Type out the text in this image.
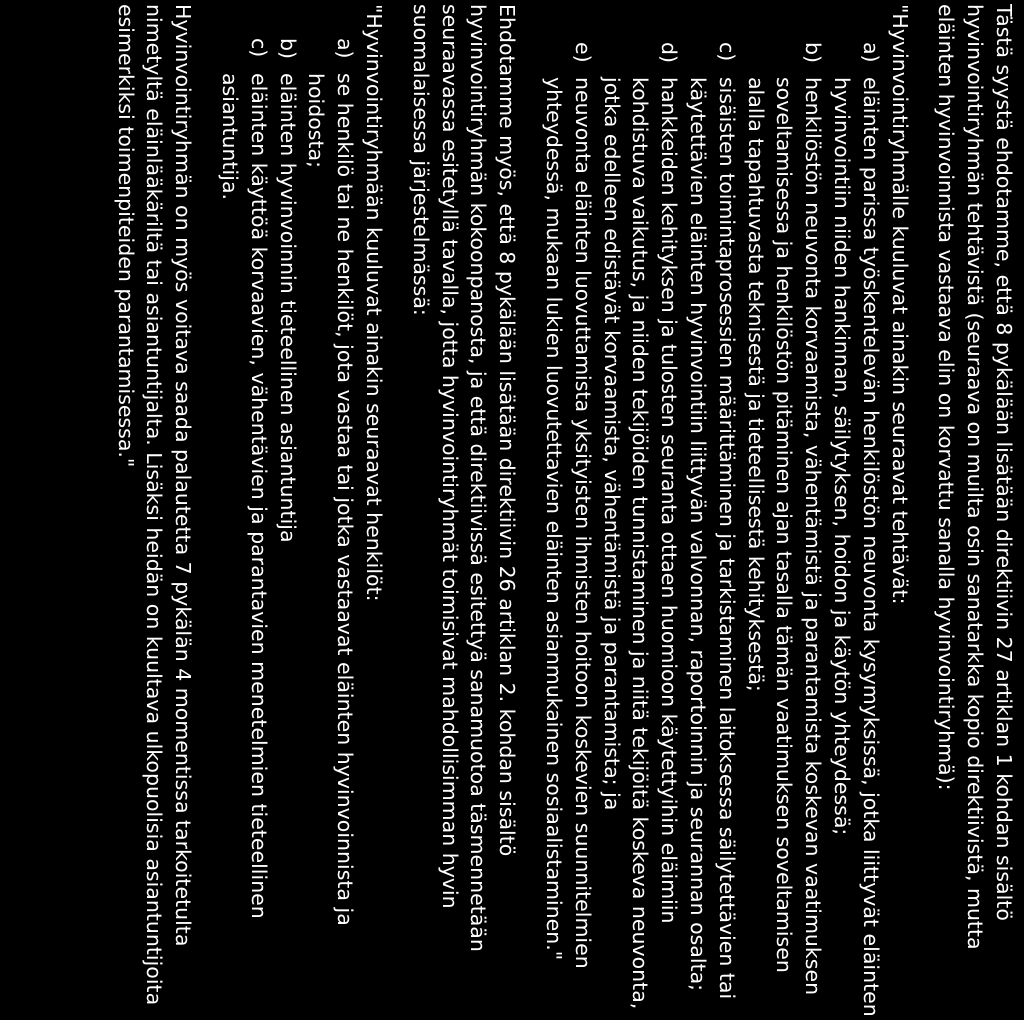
Tästä syystä ehdotamme, että 8 pykälään lisätään direktiivin 27 artiklan 1 kohdan sisältö

hyvinvointiryhmän tehtävistä (seuraava on muilta osin sanatarkka kopio direktiivistä, mutta

eläinten hyvinvoinnista vastaava elin on korvattu sanalla hyvinvointiryhmä):

"Hyvinvointiryhmälle kuuluvat ainakin seuraavat tehtävät:

a)
eläinten parissa työskentelevän henkilöstön neuvonta kysymyksissä, jotka liittyvät eläinten
hyvinvointiin niiden hankinnan, säilytyksen, hoidon ja käytön yhteydessä;
b)
henkilöstön neuvonta korvaamista, vähentämistä ja parantamista koskevan vaatimuksen
soveltamisessa ja henkilöstön pitäminen ajan tasalla tämän vaatimuksen soveltamisen
alalla tapahtuvasta teknisestä ja tieteellisestä kehityksestä;
c)
sisäisten toimintaprosessien määrittäminen ja tarkistaminen laitoksessa säilytettävien tai
käytettävien eläinten hyvinvointiin liittyvän valvonnan, raportoinnin ja seurannan osalta;
d)
hankkeiden kehityksen ja tulosten seuranta ottaen huomioon käytettyihin eläimiin
kohdistuva vaikutus, ja niiden tekijöiden tunnistaminen ja niitä tekijöitä koskeva neuvonta,
jotka edelleen edistävät korvaamista, vähentämistä ja parantamista; ja
e)
neuvonta eläinten luovuttamista yksityisten ihmisten hoitoon koskevien suunnitelmien
yhteydessä, mukaan lukien luovutettavien eläinten asianmukainen sosiaalistaminen."

Ehdotamme myös, että 8 pykälään lisätään direktiivin 26 artiklan 2. kohdan sisältö

hyvinvointiryhmän kokoonpanosta, ja että direktiivissä esitettyä sanamuotoa täsmennetään

seuraavassa esitetyllä tavalla, jotta hyvinvointiryhmät toimisivat mahdollisimman hyvin

suomalaisessa järjestelmässä:

"Hyvinvointiryhmään kuuluvat ainakin seuraavat henkilöt:

a)
se henkilö tai ne henkilöt, jota vastaa tai jotka vastaavat eläinten hyvinvoinnista ja
hoidosta;
b)
eläinten hyvinvoinnin tieteellinen asiantuntija
c)
eläinten käyttöä korvaavien, vähentävien ja parantavien menetelmien tieteellinen
asiantuntija.

Hyvinvointiryhmän on myös voitava saada palautetta 7 pykälän 4 momentissa tarkoitetulta

nimetyltä eläinlääkäriltä tai asiantuntijalta. Lisäksi heidän on kuultava ulkopuolisia asiantuntijoita

esimerkiksi toimenpiteiden parantamisessa."
